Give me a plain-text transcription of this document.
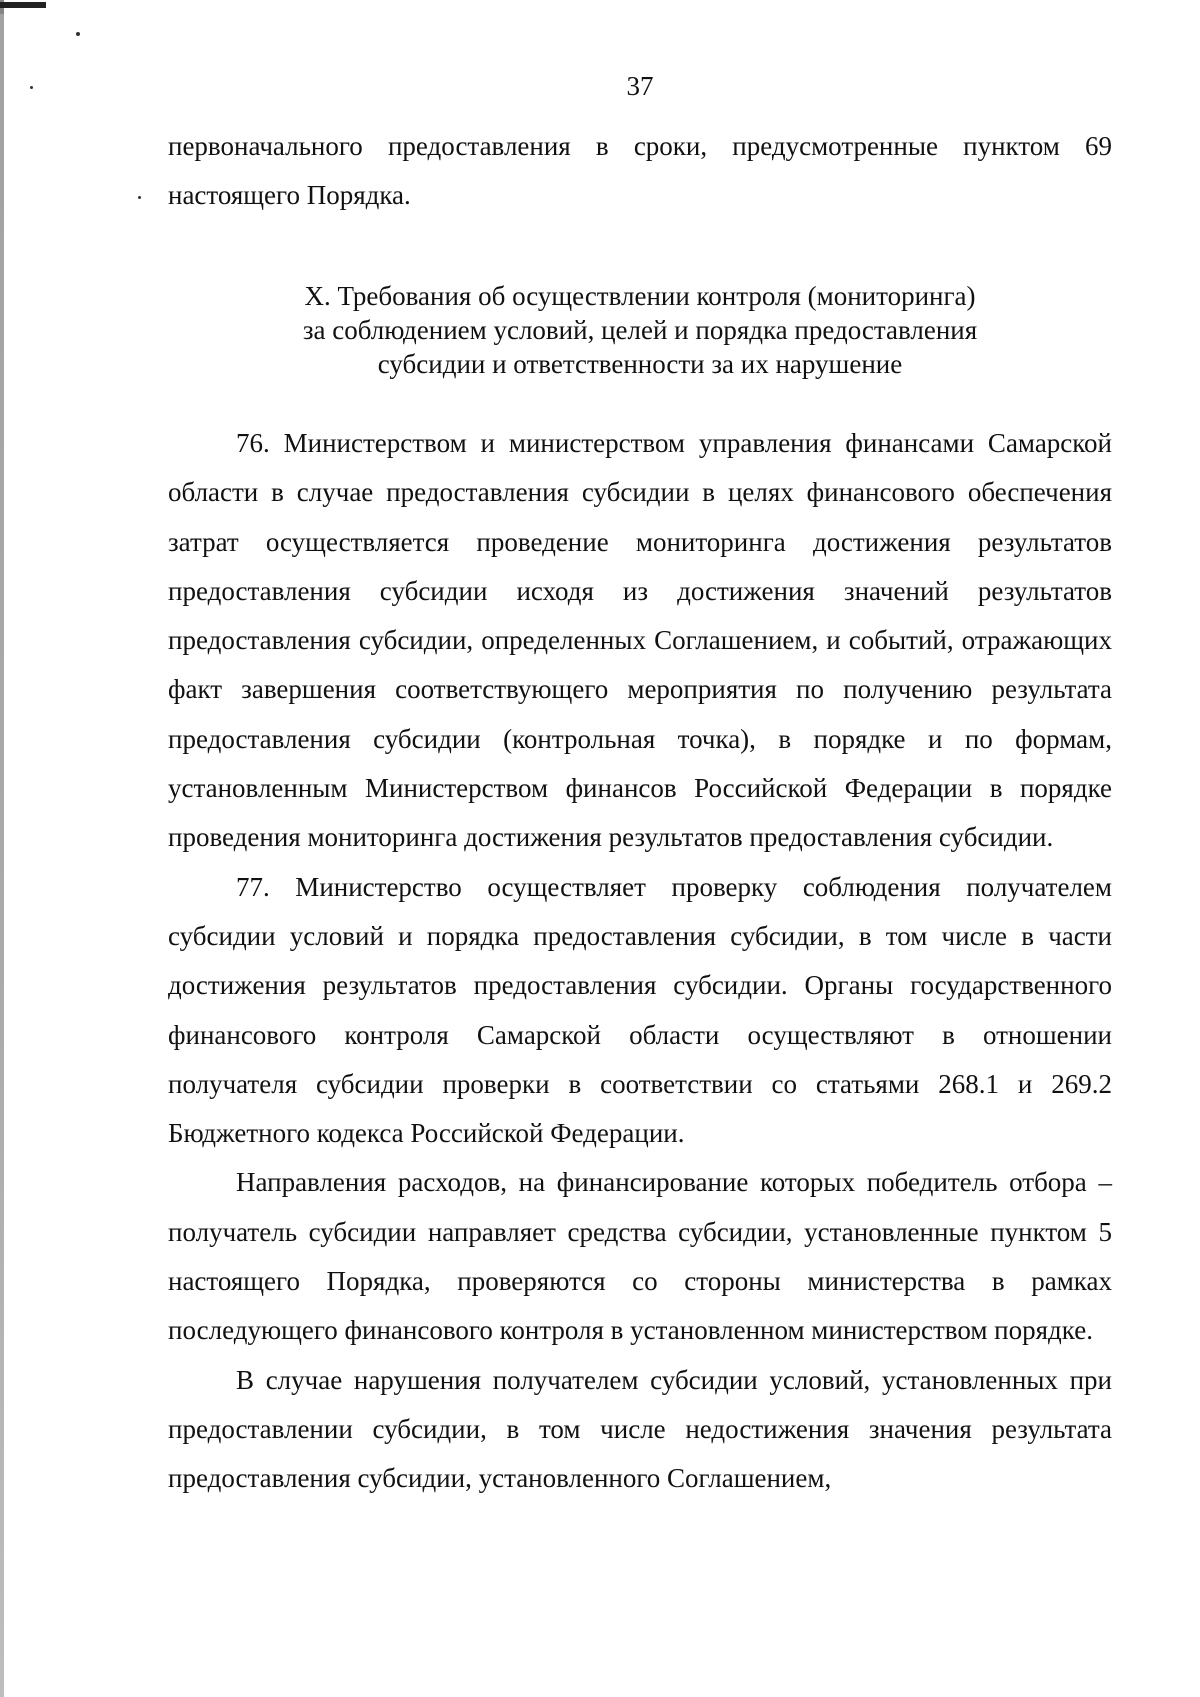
37

первоначального предоставления в сроки, предусмотренные пунктом 69 настоящего Порядка.

X. Требования об осуществлении контроля (мониторинга)
за соблюдением условий, целей и порядка предоставления
субсидии и ответственности за их нарушение

76. Министерством и министерством управления финансами Самарской области в случае предоставления субсидии в целях финансового обеспечения затрат осуществляется проведение мониторинга достижения результатов предоставления субсидии исходя из достижения значений результатов предоставления субсидии, определенных Соглашением, и событий, отражающих факт завершения соответствующего мероприятия по получению результата предоставления субсидии (контрольная точка), в порядке и по формам, установленным Министерством финансов Российской Федерации в порядке проведения мониторинга достижения результатов предоставления субсидии.

77. Министерство осуществляет проверку соблюдения получателем субсидии условий и порядка предоставления субсидии, в том числе в части достижения результатов предоставления субсидии. Органы государственного финансового контроля Самарской области осуществляют в отношении получателя субсидии проверки в соответствии со статьями 268.1 и 269.2 Бюджетного кодекса Российской Федерации.

Направления расходов, на финансирование которых победитель отбора – получатель субсидии направляет средства субсидии, установленные пунктом 5 настоящего Порядка, проверяются со стороны министерства в рамках последующего финансового контроля в установленном министерством порядке.

В случае нарушения получателем субсидии условий, установленных при предоставлении субсидии, в том числе недостижения значения результата предоставления субсидии, установленного Соглашением,
